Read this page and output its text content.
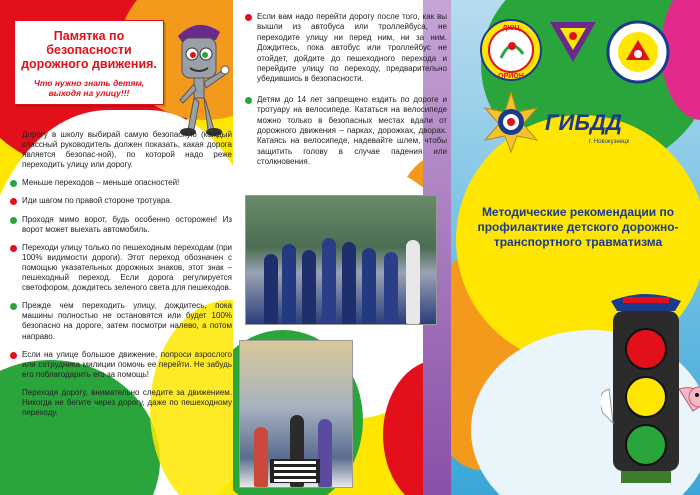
Памятка по безопасности дорожного движения.
Что нужно знать детям, выходя на улицу!!!
Дорогу в школу выбирай самую безопасную (каждый классный руководитель должен показать, какая дорога является безопас-ной), по которой надо реже переходить улицу или дорогу.
Меньше переходов – меньше опасностей!
Иди шагом по правой стороне тротуара.
Проходя мимо ворот, будь особенно осторожен! Из ворот может выехать автомобиль.
Переходи улицу только по пешеходным переходам (при 100% видимости дороги). Этот переход обозначен с помощью указательных дорожных знаков, этот знак – пешеходный переход. Если дорога регулируется светофором, дождитесь зеленого света для пешеходов.
Прежде чем переходить улицу, дождитесь, пока машины полностью не остановятся или будет 100% безопасно на дороге, затем посмотри налево, а потом направо.
Если на улице большое движение, попроси взрослого или сотрудника милиции помочь ее перейти. Не забудь его поблагодарить его за помощь!
Переходя дорогу, внимательно следите за движением. Никогда не бегите через дорогу, даже по пешеходному переходу.
Если вам надо перейти дорогу после того, как вы вышли из автобуса или троллейбуса, не переходите улицу ни перед ним, ни за ним. Дождитесь, пока автобус или троллейбус не отойдет, дойдите до пешеходного перехода и перейдите улицу по переходу, предварительно убедившись в безопасности.
Детям до 14 лет запрещено ездить по дороге и тротуару на велосипеде. Кататься на велосипеде можно только в безопасных местах вдали от дорожного движения – парках, дорожках, дворах. Катаясь на велосипеде, надевайте шлем, чтобы защитить голову в случае падения или столкновения.
ДЮЦ
ОРИОН
ГИБДД
г. Новокузнецк
Методические рекомендации по профилактике детского дорожно-транспортного травматизма
